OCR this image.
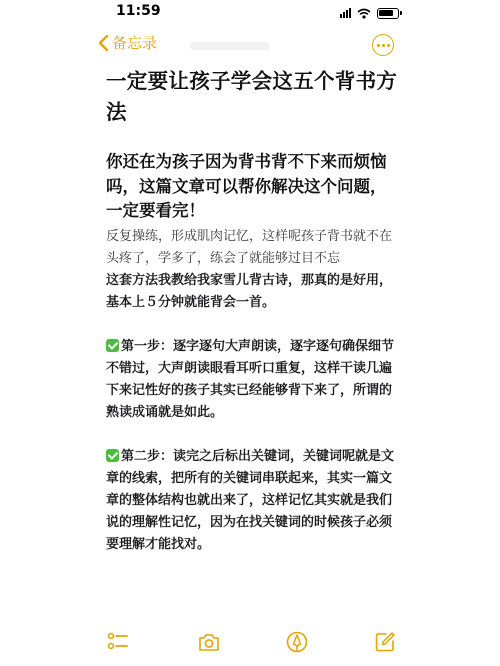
11:59
备忘录
一定要让孩子学会这五个背书方法
你还在为孩子因为背书背不下来而烦恼吗，这篇文章可以帮你解决这个问题，一定要看完！
反复操练，形成肌肉记忆，这样呢孩子背书就不在头疼了，学多了，练会了就能够过目不忘
这套方法我教给我家雪儿背古诗，那真的是好用，基本上５分钟就能背会一首。
第一步：逐字逐句大声朗读，逐字逐句确保细节不错过，大声朗读眼看耳听口重复，这样干读几遍下来记性好的孩子其实已经能够背下来了，所谓的熟读成诵就是如此。
第二步：读完之后标出关键词，关键词呢就是文章的线索，把所有的关键词串联起来，其实一篇文章的整体结构也就出来了，这样记忆其实就是我们说的理解性记忆，因为在找关键词的时候孩子必须要理解才能找对。
